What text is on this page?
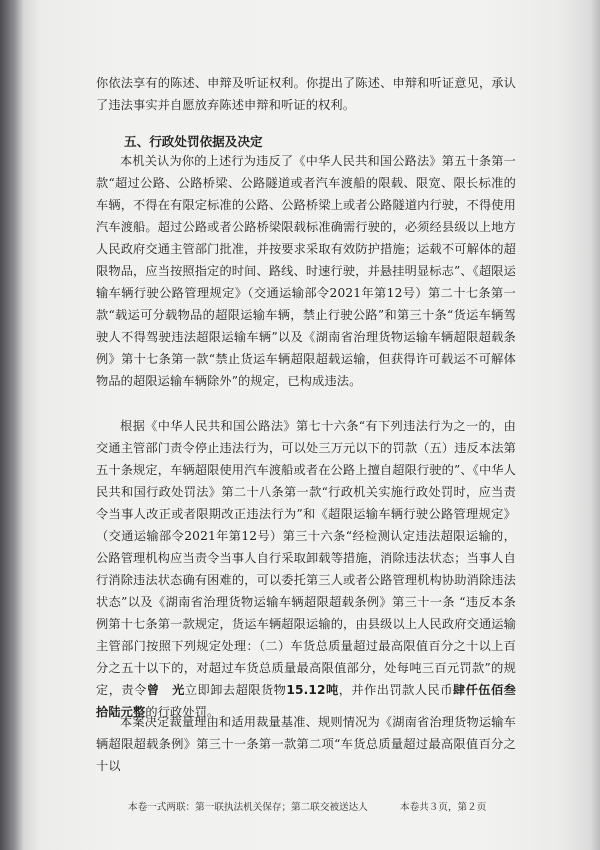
你依法享有的陈述、申辩及听证权利。你提出了陈述、申辩和听证意见，承认了违法事实并自愿放弃陈述申辩和听证的权利。

五、行政处罚依据及决定

本机关认为你的上述行为违反了《中华人民共和国公路法》第五十条第一款“超过公路、公路桥梁、公路隧道或者汽车渡船的限载、限宽、限长标准的车辆，不得在有限定标准的公路、公路桥梁上或者公路隧道内行驶，不得使用汽车渡船。超过公路或者公路桥梁限载标准确需行驶的，必须经县级以上地方人民政府交通主管部门批准，并按要求采取有效防护措施；运载不可解体的超限物品，应当按照指定的时间、路线、时速行驶，并悬挂明显标志”、《超限运输车辆行驶公路管理规定》（交通运输部令2021年第12号）第二十七条第一款“载运可分载物品的超限运输车辆，禁止行驶公路”和第三十条“货运车辆驾驶人不得驾驶违法超限运输车辆”以及《湖南省治理货物运输车辆超限超载条例》第十七条第一款“禁止货运车辆超限超载运输，但获得许可载运不可解体物品的超限运输车辆除外”的规定，已构成违法。

根据《中华人民共和国公路法》第七十六条“有下列违法行为之一的，由交通主管部门责令停止违法行为，可以处三万元以下的罚款（五）违反本法第五十条规定，车辆超限使用汽车渡船或者在公路上擅自超限行驶的”、《中华人民共和国行政处罚法》第二十八条第一款“行政机关实施行政处罚时，应当责令当事人改正或者限期改正违法行为”和《超限运输车辆行驶公路管理规定》（交通运输部令2021年第12号）第三十六条“经检测认定违法超限运输的，公路管理机构应当责令当事人自行采取卸载等措施，消除违法状态；当事人自行消除违法状态确有困难的，可以委托第三人或者公路管理机构协助消除违法状态”以及《湖南省治理货物运输车辆超限超载条例》第三十一条 “违反本条例第十七条第一款规定，货运车辆超限运输的，由县级以上人民政府交通运输主管部门按照下列规定处理：（二）车货总质量超过最高限值百分之十以上百分之五十以下的，对超过车货总质量最高限值部分，处每吨三百元罚款”的规定，责令曾　光立即卸去超限货物15.12吨，并作出罚款人民币肆仟伍佰叁拾陆元整的行政处罚。

本案决定裁量理由和适用裁量基准、规则情况为《湖南省治理货物运输车辆超限超载条例》第三十一条第一款第二项“车货总质量超过最高限值百分之十以

本卷一式两联：第一联执法机关保存；第二联交被送达人	本卷共３页，第２页
